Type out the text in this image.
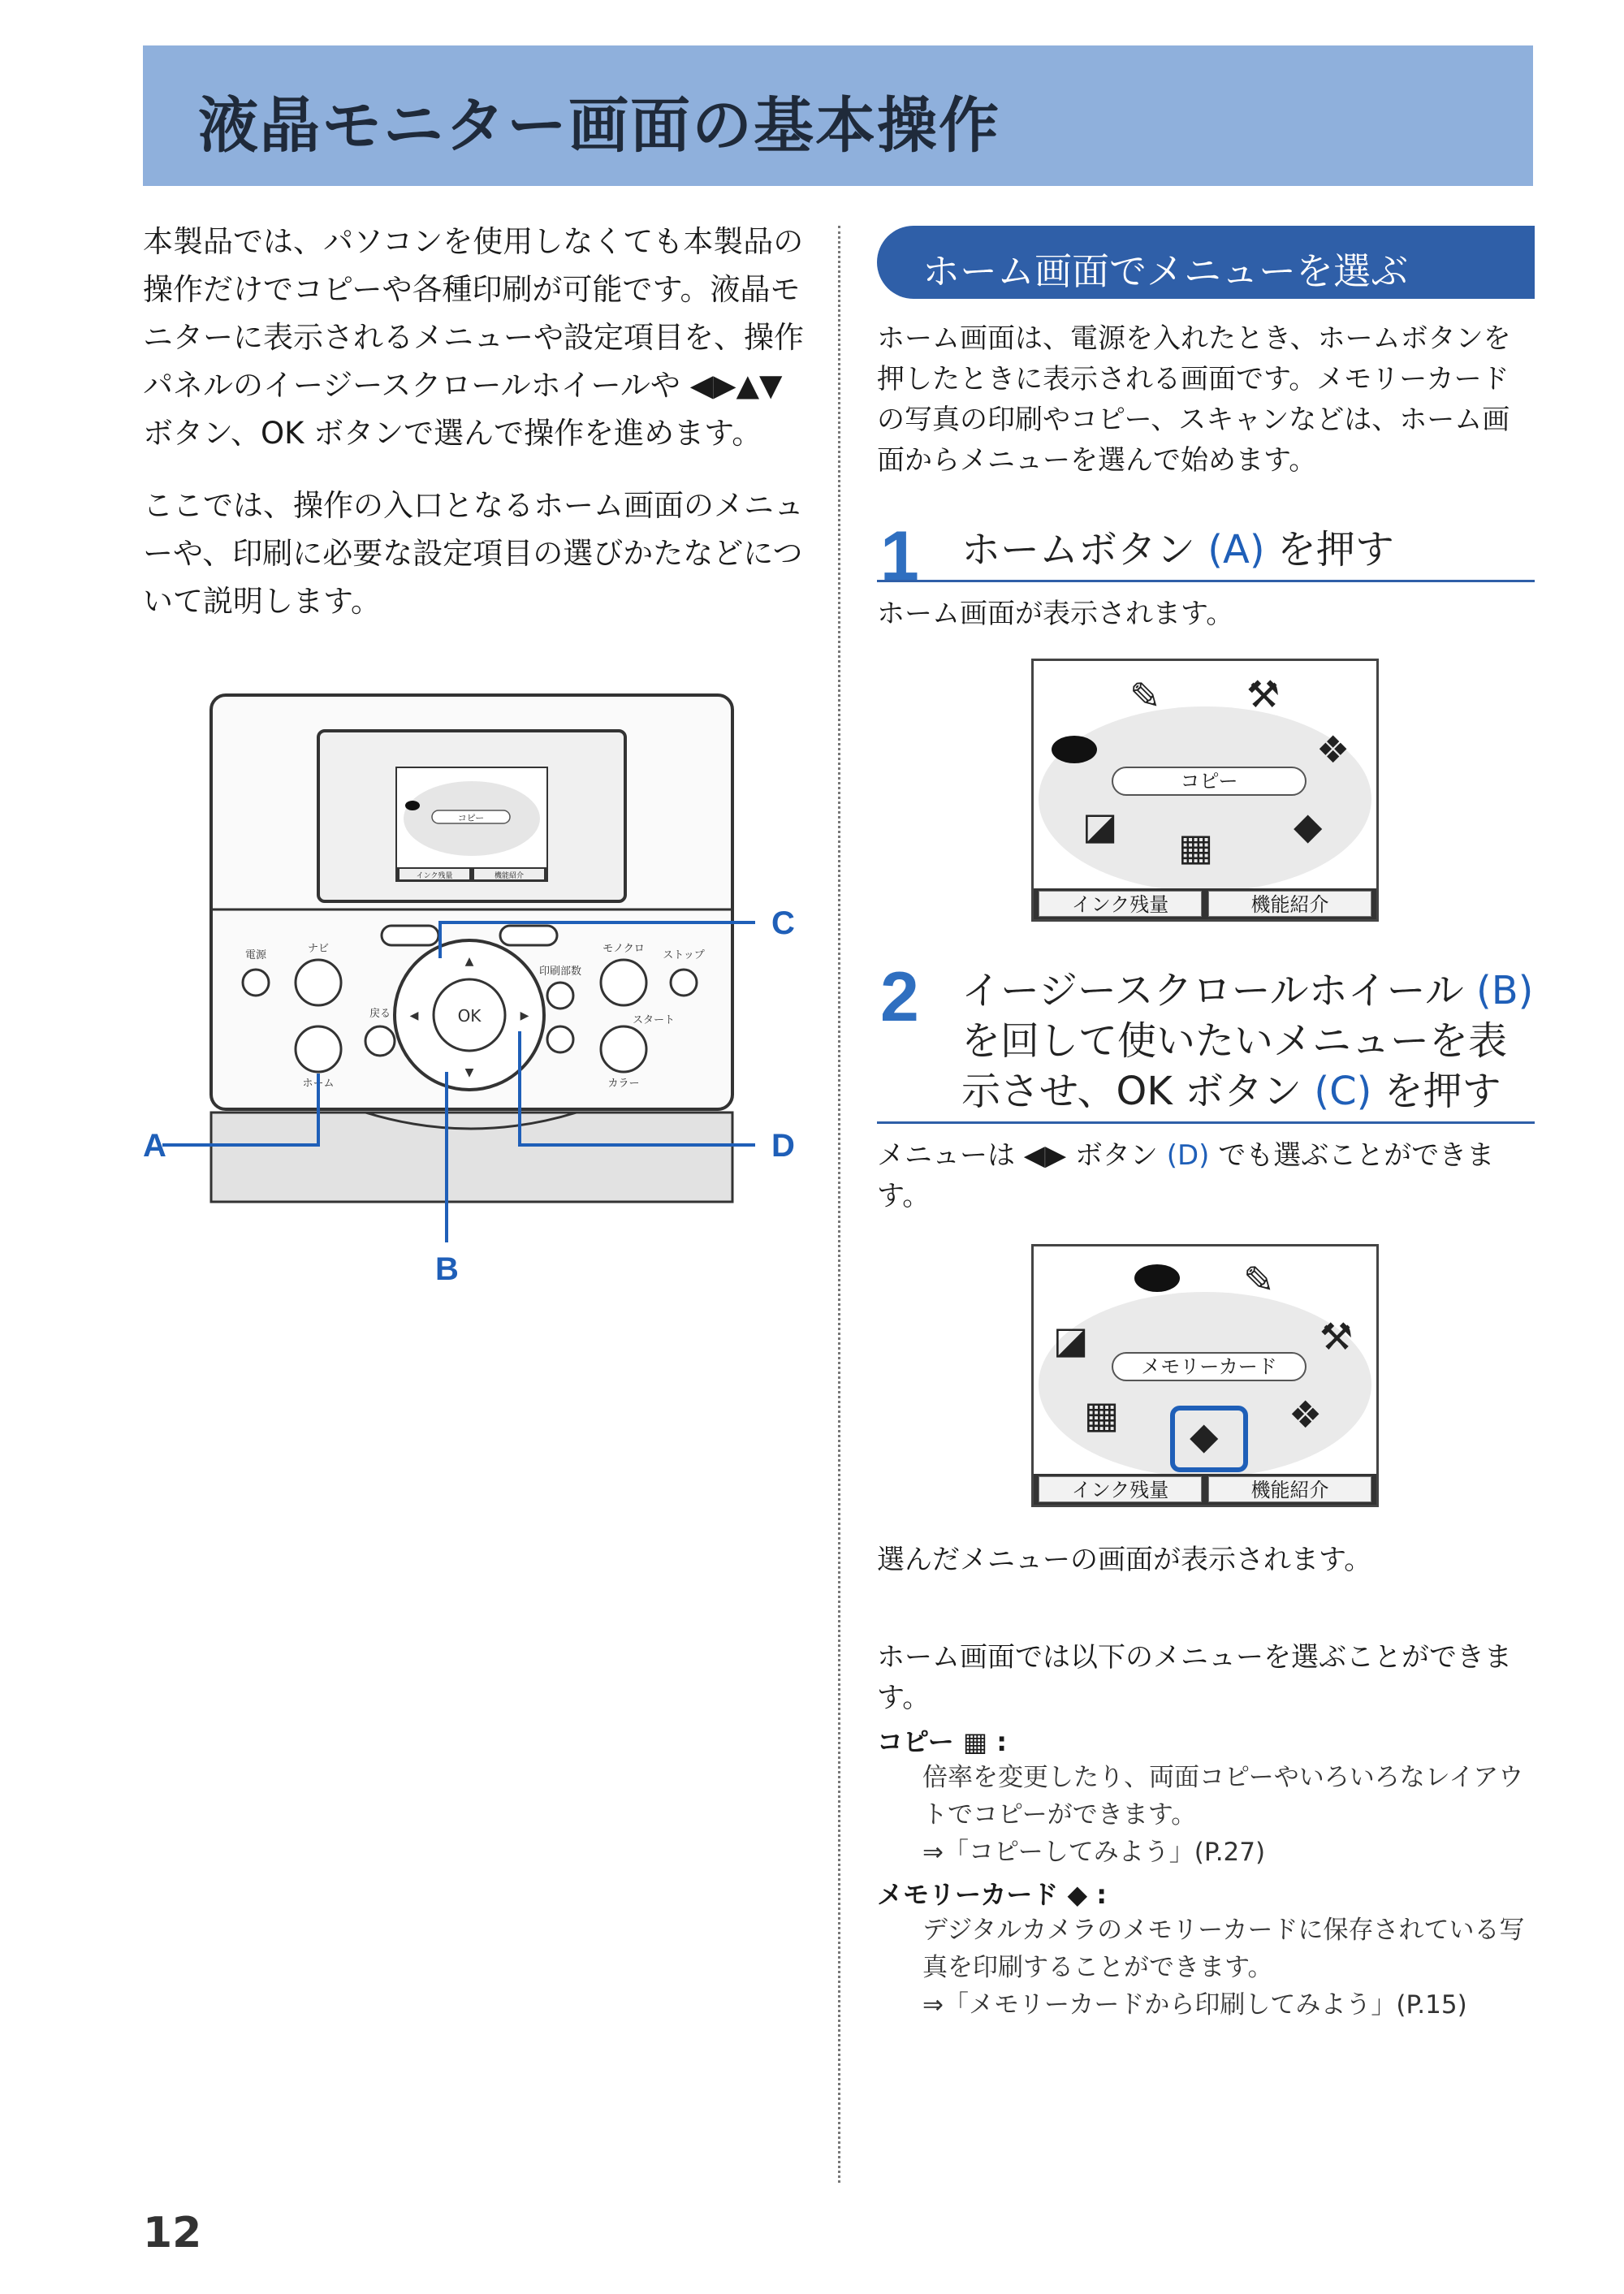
液晶モニター画面の基本操作

本製品では、パソコンを使用しなくても本製品の操作だけでコピーや各種印刷が可能です。液晶モニターに表示されるメニューや設定項目を、操作パネルのイージースクロールホイールや ◀▶▲▼ ボタン、OK ボタンで選んで操作を進めます。

ここでは、操作の入口となるホーム画面のメニューや、印刷に必要な設定項目の選びかたなどについて説明します。

コピー
インク残量	機能紹介
OK
▲
▼
◀	▶
電源
ナビ
戻る
ホーム
印刷部数
モノクロ
ストップ
スタート
カラー
A
C
D
B
ホーム画面でメニューを選ぶ
ホーム画面は、電源を入れたとき、ホームボタンを押したときに表示される画面です。メモリーカードの写真の印刷やコピー、スキャンなどは、ホーム画面からメニューを選んで始めます。
1 ホームボタン (A) を押す
ホーム画面が表示されます。
✎ ⚒
❖
◪ ▦ ◆
コピー
インク残量	機能紹介
2 イージースクロールホイール (B) を回して使いたいメニューを表示させ、OK ボタン (C) を押す
メニューは ◀▶ ボタン (D) でも選ぶことができます。
✎
◪	⚒
▦	❖
◆
メモリーカード
インク残量	機能紹介
選んだメニューの画面が表示されます。
ホーム画面では以下のメニューを選ぶことができます。
コピー ▦ :
倍率を変更したり、両面コピーやいろいろなレイアウトでコピーができます。
⇒「コピーしてみよう」(P.27)
メモリーカード ◆ :
デジタルカメラのメモリーカードに保存されている写真を印刷することができます。
⇒「メモリーカードから印刷してみよう」(P.15)
12
